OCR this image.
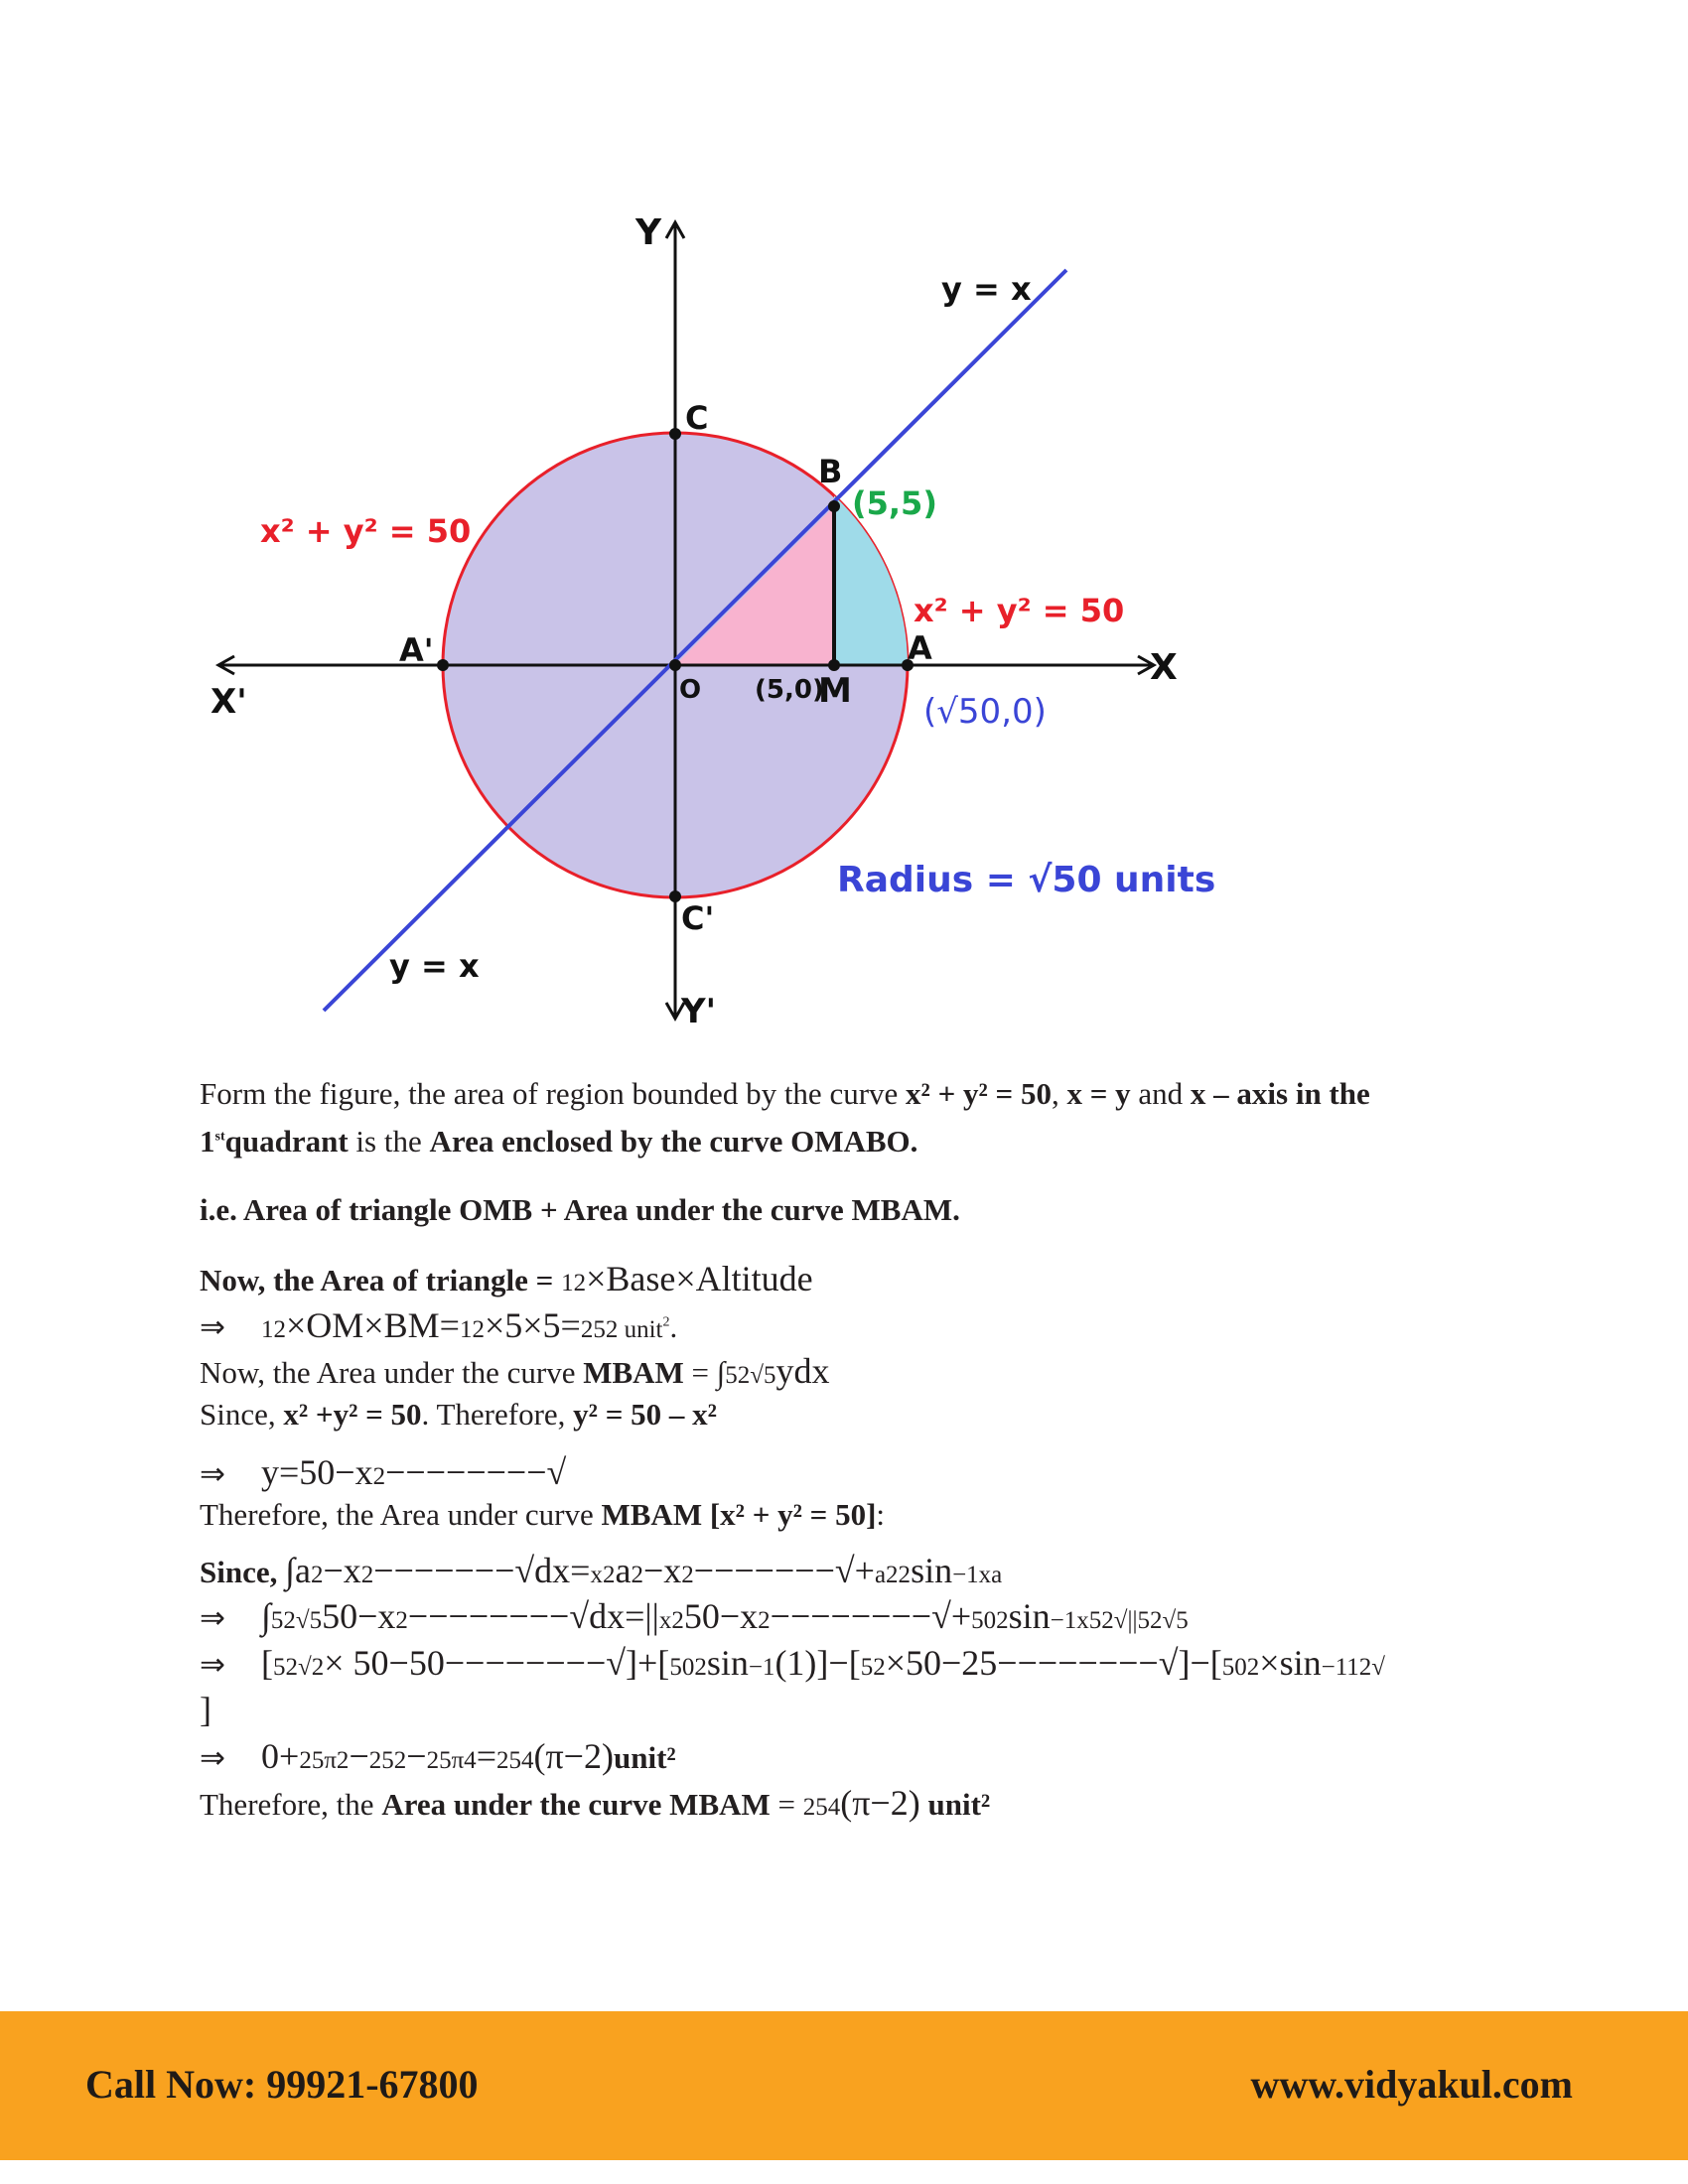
Y
Y'
X
X'
y = x
y = x
C
C'
B
(5,5)
x² + y² = 50
x² + y² = 50
A'	A
O (5,0)
M
(√50,0)
Radius = √50 units

Form the figure, the area of region bounded by the curve x² + y² = 50, x = y and x – axis in the

1stquadrant is the Area enclosed by the curve OMABO.

i.e. Area of triangle OMB + Area under the curve MBAM.

Now, the Area of triangle = 12×Base×Altitude

⇒ 12×OM×BM=12×5×5=252 unit$^2$.

Now, the Area under the curve MBAM = ∫52√5ydx

Since, x² +y² = 50. Therefore, y² = 50 – x²

⇒ y=50−x2−−−−−−−−√

Therefore, the Area under curve MBAM [x² + y² = 50]:

Since, ∫a2−x2−−−−−−−√dx=x2a2−x2−−−−−−−√+a22sin−1xa

⇒ ∫52√550−x2−−−−−−−−√dx=||x250−x2−−−−−−−−√+502sin−1x52√||52√5

⇒ [52√2× 50−50−−−−−−−−√]+[502sin−1(1)]−[52×50−25−−−−−−−−√]−[502×sin−112√

]

⇒ 0+25π2−252−25π4=254(π−2)unit²

Therefore, the Area under the curve MBAM = 254(π−2) unit²

Call Now: 99921-67800	www.vidyakul.com
